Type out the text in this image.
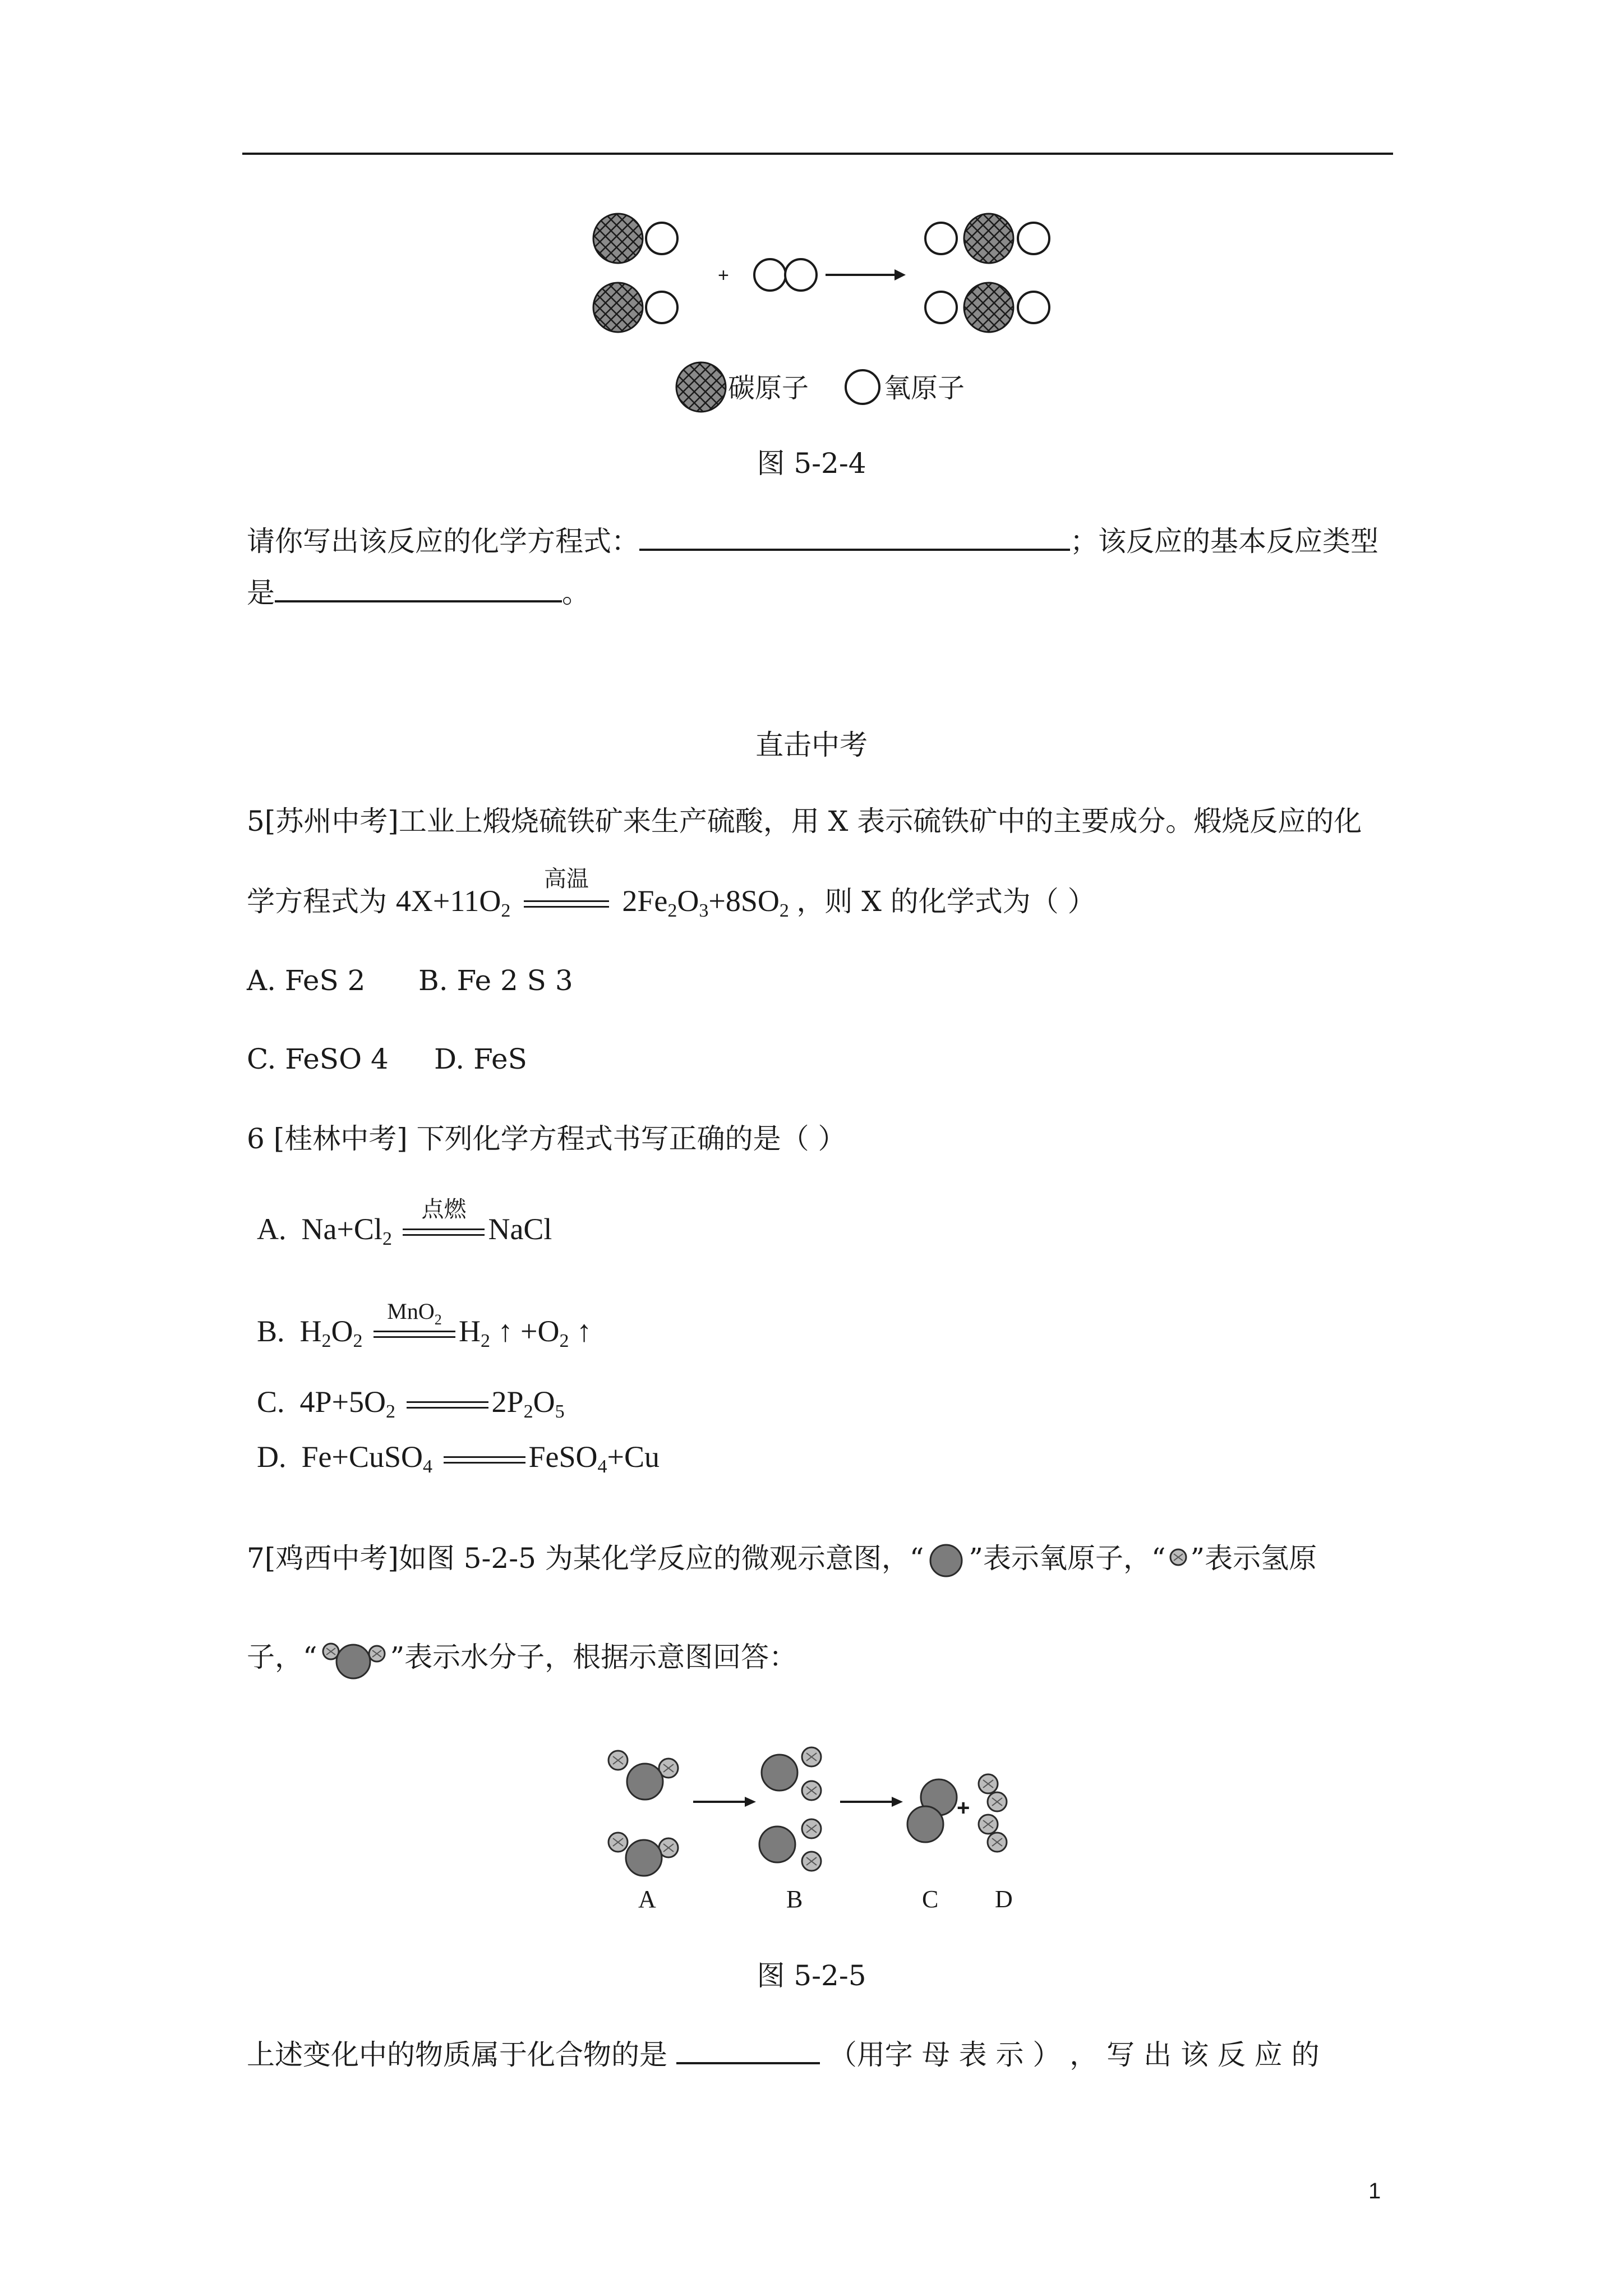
+
碳原子	氧原子
图 5-2-4
请你写出该反应的化学方程式：	；该反应的基本反应类型
是	。
直击中考
5[苏州中考]工业上煅烧硫铁矿来生产硫酸，用 X 表示硫铁矿中的主要成分。煅烧反应的化
学方程式为 $4X+11O_2$
高温
$2Fe_2O_3+8SO_2$ ，则 X 的化学式为（ ）
A. FeS 2 B. Fe 2 S 3
C. FeSO 4 D. FeS
6 [桂林中考] 下列化学方程式书写正确的是（ ）
A. $Na+Cl_2$
点燃
NaCl
B. $H_2O_2$
MnO$_2$ $H_2$ ↑ $+O_2$ ↑
C. $4P+5O_2$	$2P_2O_5$
D. Fe+CuSO$_4$	FeSO$_4$+Cu
7[鸡西中考]如图 5-2-5 为某化学反应的微观示意图，“ ”表示氧原子，“ ”表示氢原
子，“	”表示水分子，根据示意图回答：
+
A	B	C D
图 5-2-5
上述变化中的物质属于化合物的是	（用字 母 表 示 ） ， 写 出 该 反 应 的
1
